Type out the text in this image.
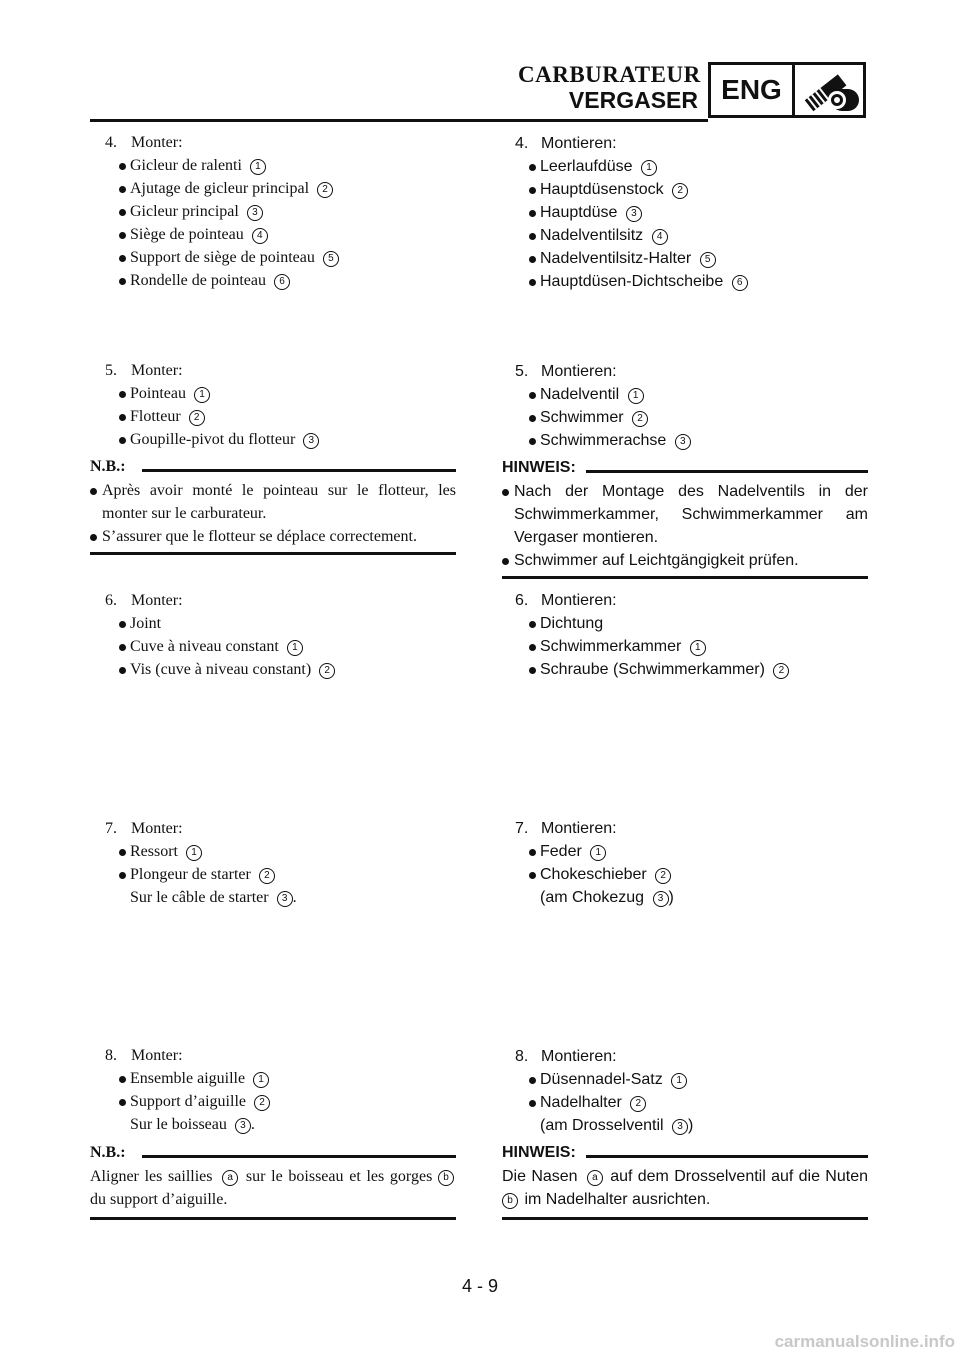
CARBURATEUR
VERGASER ENG
4. Monter:
Gicleur de ralenti 1
Ajutage de gicleur principal 2
Gicleur principal 3
Siège de pointeau 4
Support de siège de pointeau 5
Rondelle de pointeau 6
5. Monter:
Pointeau 1
Flotteur 2
Goupille-pivot du flotteur 3
N.B.:
Après avoir monté le pointeau sur le flotteur, les monter sur le carburateur.
S’assurer que le flotteur se déplace correctement.
6. Monter:
Joint
Cuve à niveau constant 1
Vis (cuve à niveau constant) 2
7. Monter:
Ressort 1
Plongeur de starter 2
Sur le câble de starter 3 .
8. Monter:
Ensemble aiguille 1
Support d’aiguille 2
Sur le boisseau 3 .
N.B.:
Aligner les saillies a sur le boisseau et les gorges b du support d’aiguille.
4. Montieren:
Leerlaufdüse 1
Hauptdüsenstock 2
Hauptdüse 3
Nadelventilsitz 4
Nadelventilsitz-Halter 5
Hauptdüsen-Dichtscheibe 6
5. Montieren:
Nadelventil 1
Schwimmer 2
Schwimmerachse 3
HINWEIS:
Nach der Montage des Nadelventils in der Schwimmerkammer, Schwimmerkammer am Vergaser montieren.
Schwimmer auf Leichtgängigkeit prüfen.
6. Montieren:
Dichtung
Schwimmerkammer 1
Schraube (Schwimmerkammer) 2
7. Montieren:
Feder 1
Chokeschieber 2
(am Chokezug 3 )
8. Montieren:
Düsennadel-Satz 1
Nadelhalter 2
(am Drosselventil 3 )
HINWEIS:
Die Nasen a auf dem Drosselventil auf die Nuten b im Nadelhalter ausrichten.
4 - 9
carmanualsonline.info
